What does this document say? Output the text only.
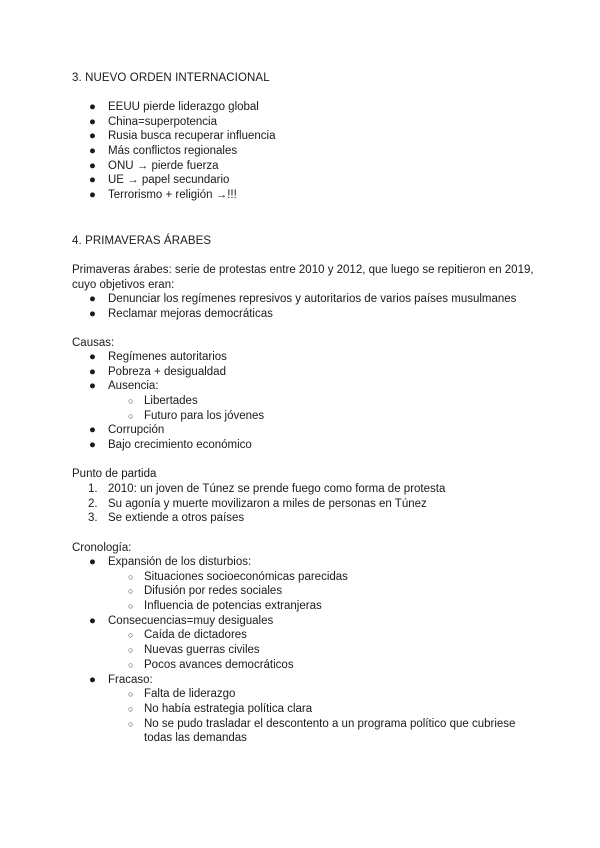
3. NUEVO ORDEN INTERNACIONAL
● EEUU pierde liderazgo global
● China=superpotencia
● Rusia busca recuperar influencia
● Más conflictos regionales
● ONU → pierde fuerza
● UE → papel secundario
● Terrorismo + religión →!!!
4. PRIMAVERAS ÁRABES

Primaveras árabes: serie de protestas entre 2010 y 2012, que luego se repitieron en 2019,
cuyo objetivos eran:

● Denunciar los regímenes represivos y autoritarios de varios países musulmanes
● Reclamar mejoras democráticas

Causas:

● Regímenes autoritarios
● Pobreza + desigualdad
● Ausencia:
○ Libertades
○ Futuro para los jóvenes
● Corrupción
● Bajo crecimiento económico

Punto de partida

1. 2010: un joven de Túnez se prende fuego como forma de protesta
2. Su agonía y muerte movilizaron a miles de personas en Túnez
3. Se extiende a otros países

Cronología:

● Expansión de los disturbios:
○ Situaciones socioeconómicas parecidas
○ Difusión por redes sociales
○ Influencia de potencias extranjeras
● Consecuencias=muy desiguales
○ Caída de dictadores
○ Nuevas guerras civiles
○ Pocos avances democráticos
● Fracaso:
○ Falta de liderazgo
○ No había estrategia política clara
○ No se pudo trasladar el descontento a un programa político que cubriese todas las demandas
